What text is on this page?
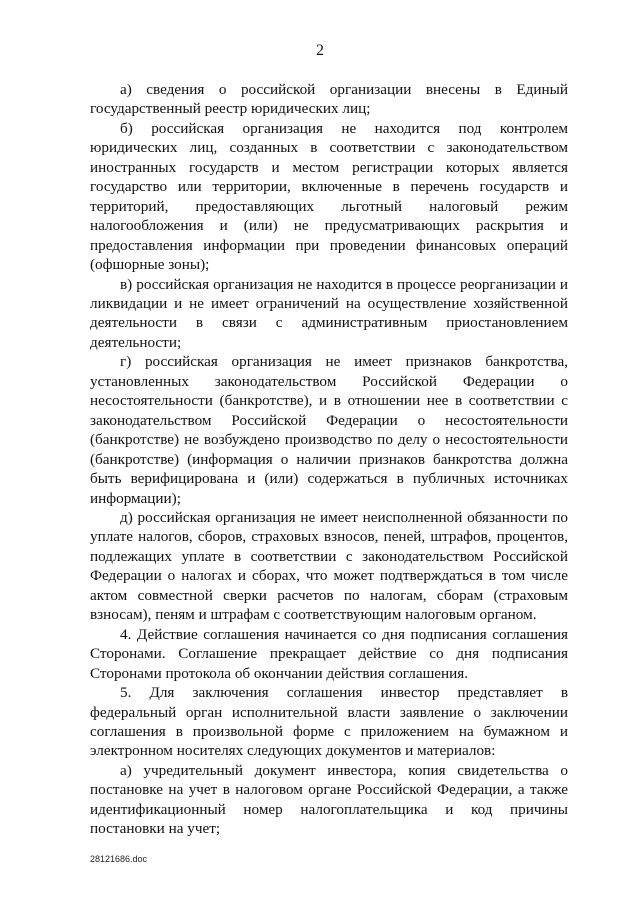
2

а) сведения о российской организации внесены в Единый государственный реестр юридических лиц;

б) российская организация не находится под контролем юридических лиц, созданных в соответствии с законодательством иностранных государств и местом регистрации которых является государство или территории, включенные в перечень государств и территорий, предоставляющих льготный налоговый режим налогообложения и (или) не предусматривающих раскрытия и предоставления информации при проведении финансовых операций (офшорные зоны);

в) российская организация не находится в процессе реорганизации и ликвидации и не имеет ограничений на осуществление хозяйственной деятельности в связи с административным приостановлением деятельности;

г) российская организация не имеет признаков банкротства, установленных законодательством Российской Федерации о несостоятельности (банкротстве), и в отношении нее в соответствии с законодательством Российской Федерации о несостоятельности (банкротстве) не возбуждено производство по делу о несостоятельности (банкротстве) (информация о наличии признаков банкротства должна быть верифицирована и (или) содержаться в публичных источниках информации);

д) российская организация не имеет неисполненной обязанности по уплате налогов, сборов, страховых взносов, пеней, штрафов, процентов, подлежащих уплате в соответствии с законодательством Российской Федерации о налогах и сборах, что может подтверждаться в том числе актом совместной сверки расчетов по налогам, сборам (страховым взносам), пеням и штрафам с соответствующим налоговым органом.

4. Действие соглашения начинается со дня подписания соглашения Сторонами. Соглашение прекращает действие со дня подписания Сторонами протокола об окончании действия соглашения.

5. Для заключения соглашения инвестор представляет в федеральный орган исполнительной власти заявление о заключении соглашения в произвольной форме с приложением на бумажном и электронном носителях следующих документов и материалов:

а) учредительный документ инвестора, копия свидетельства о постановке на учет в налоговом органе Российской Федерации, а также идентификационный номер налогоплательщика и код причины постановки на учет;

28121686.doc
